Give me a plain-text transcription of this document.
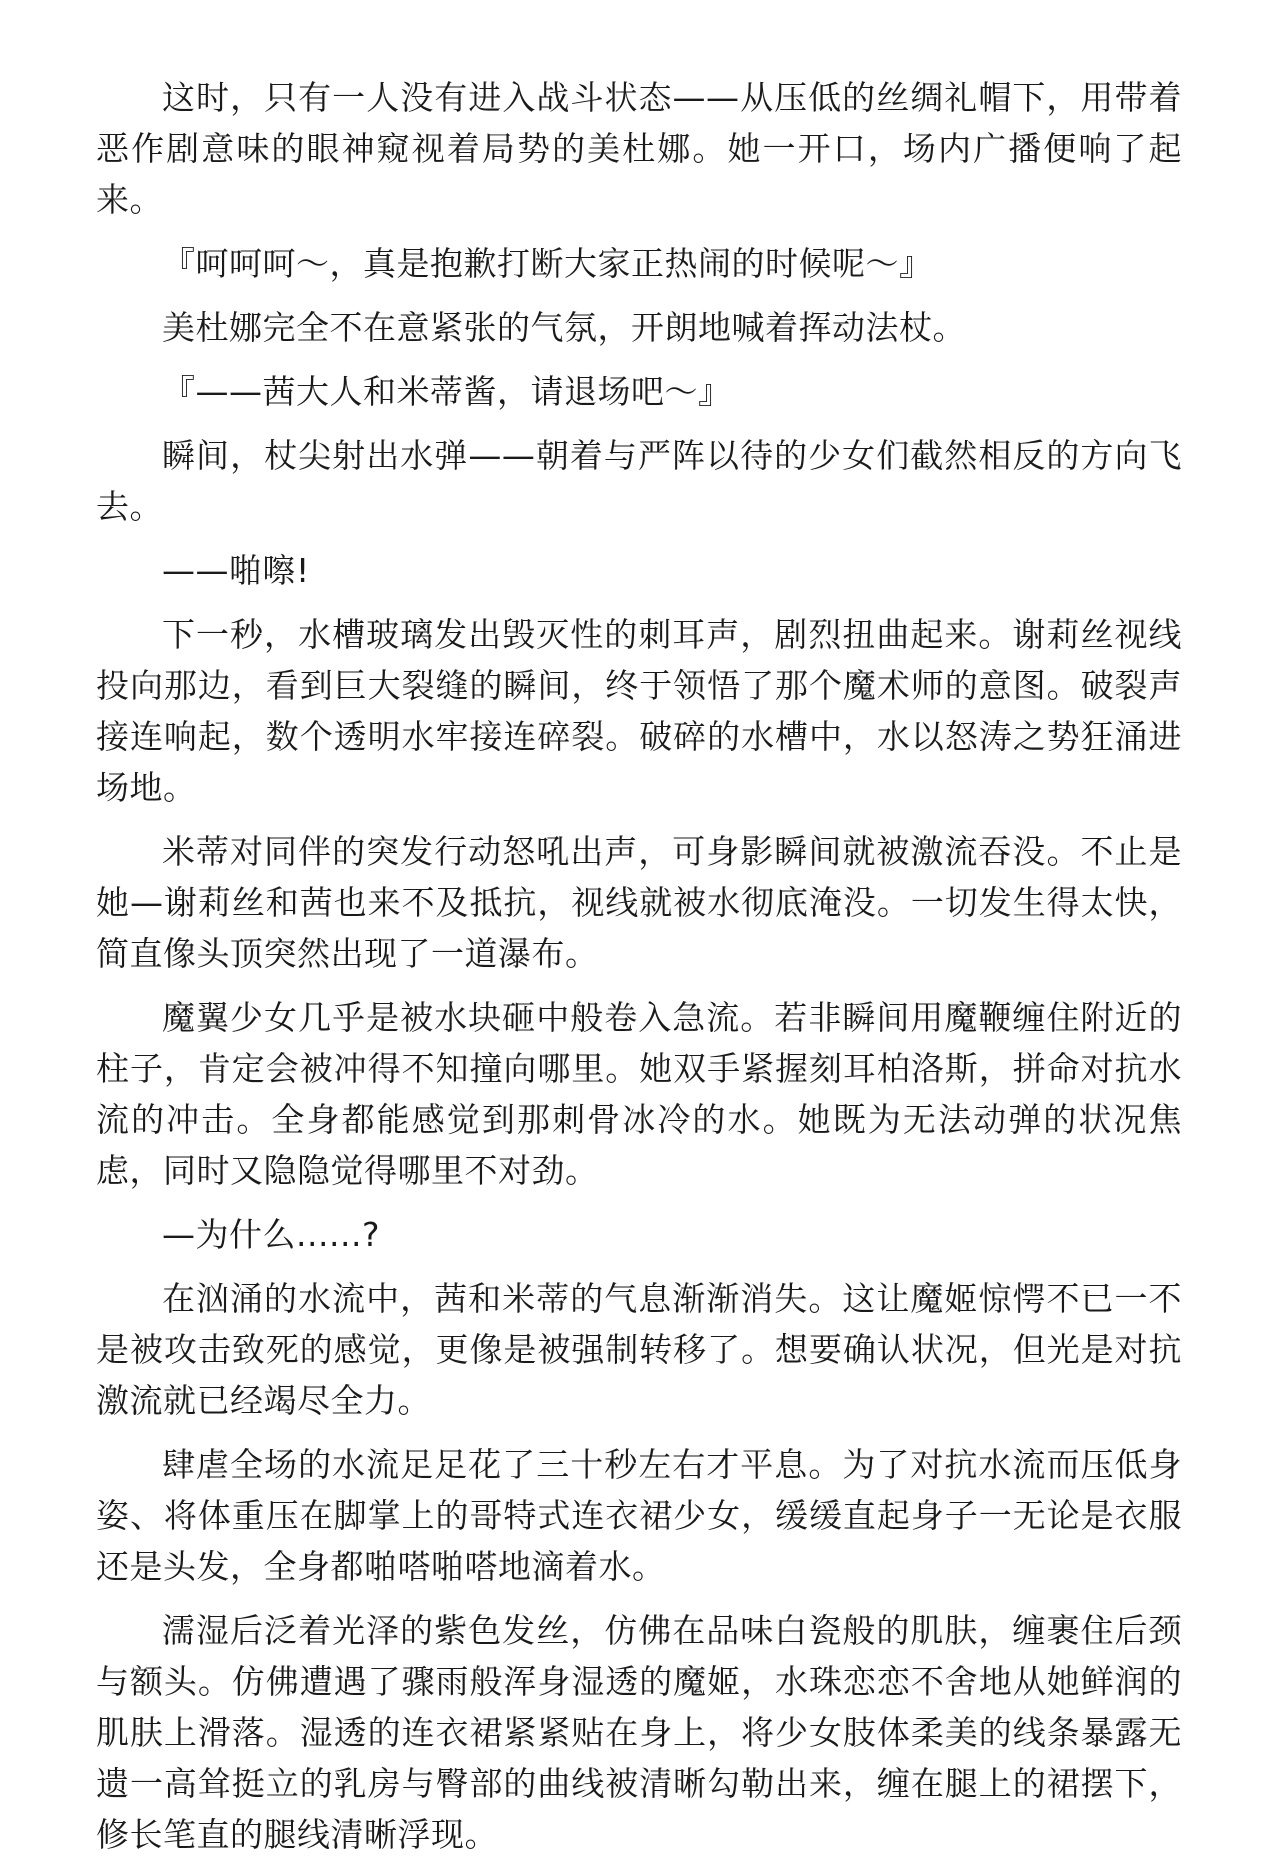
这时，只有一人没有进入战斗状态——从压低的丝绸礼帽下，用带着恶作剧意味的眼神窥视着局势的美杜娜。她一开口，场内广播便响了起来。

『呵呵呵～，真是抱歉打断大家正热闹的时候呢～』

美杜娜完全不在意紧张的气氛，开朗地喊着挥动法杖。

『——茜大人和米蒂酱，请退场吧～』

瞬间，杖尖射出水弹——朝着与严阵以待的少女们截然相反的方向飞去。

——啪嚓!

下一秒，水槽玻璃发出毁灭性的刺耳声，剧烈扭曲起来。谢莉丝视线投向那边，看到巨大裂缝的瞬间，终于领悟了那个魔术师的意图。破裂声接连响起，数个透明水牢接连碎裂。破碎的水槽中，水以怒涛之势狂涌进场地。

米蒂对同伴的突发行动怒吼出声，可身影瞬间就被激流吞没。不止是她—谢莉丝和茜也来不及抵抗，视线就被水彻底淹没。一切发生得太快，简直像头顶突然出现了一道瀑布。

魔翼少女几乎是被水块砸中般卷入急流。若非瞬间用魔鞭缠住附近的柱子，肯定会被冲得不知撞向哪里。她双手紧握刻耳柏洛斯，拼命对抗水流的冲击。全身都能感觉到那刺骨冰冷的水。她既为无法动弹的状况焦虑，同时又隐隐觉得哪里不对劲。

—为什么......?

在汹涌的水流中，茜和米蒂的气息渐渐消失。这让魔姬惊愕不已一不是被攻击致死的感觉，更像是被强制转移了。想要确认状况，但光是对抗激流就已经竭尽全力。

肆虐全场的水流足足花了三十秒左右才平息。为了对抗水流而压低身姿、将体重压在脚掌上的哥特式连衣裙少女，缓缓直起身子一无论是衣服还是头发，全身都啪嗒啪嗒地滴着水。

濡湿后泛着光泽的紫色发丝，仿佛在品味白瓷般的肌肤，缠裹住后颈与额头。仿佛遭遇了骤雨般浑身湿透的魔姬，水珠恋恋不舍地从她鲜润的肌肤上滑落。湿透的连衣裙紧紧贴在身上，将少女肢体柔美的线条暴露无遗一高耸挺立的乳房与臀部的曲线被清晰勾勒出来，缠在腿上的裙摆下，修长笔直的腿线清晰浮现。
